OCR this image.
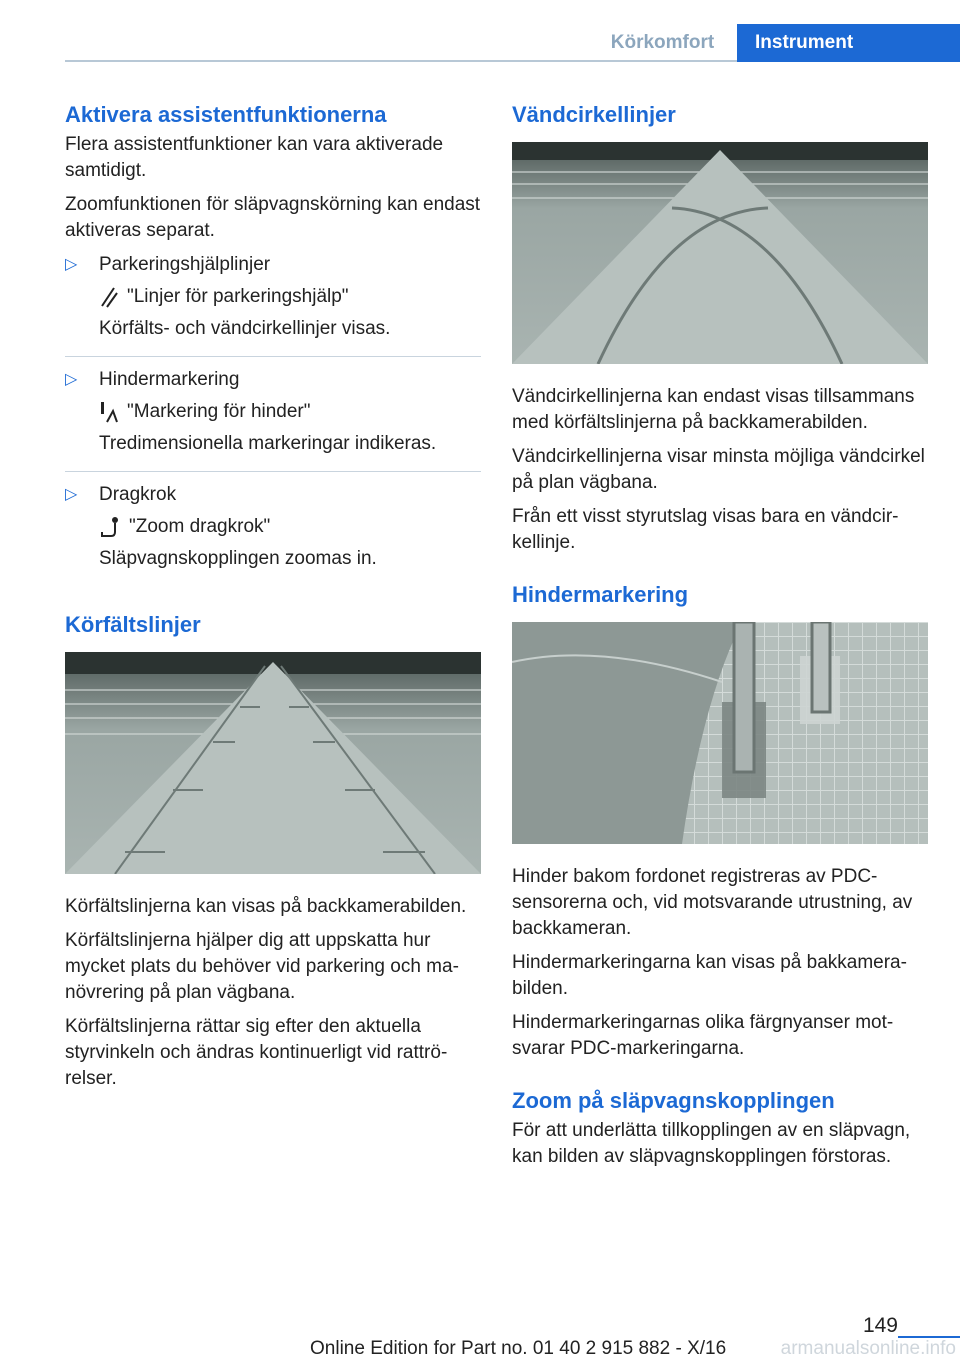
Körkomfort	Instrument
Aktivera assistentfunktionerna

Flera assistentfunktioner kan vara aktiverade samtidigt.

Zoomfunktionen för släpvagnskörning kan endast aktiveras separat.

▷ Parkeringshjälplinjer

"Linjer för parkeringshjälp"

Körfälts- och vändcirkellinjer visas.

▷ Hindermarkering

"Markering för hinder"

Tredimensionella markeringar indikeras.

▷ Dragkrok

"Zoom dragkrok"

Släpvagnskopplingen zoomas in.

Körfältslinjer

Körfältslinjerna kan visas på backkamerabilden.

Körfältslinjerna hjälper dig att uppskatta hur mycket plats du behöver vid parkering och manövrering på plan vägbana.

Körfältslinjerna rättar sig efter den aktuella styrvinkeln och ändras kontinuerligt vid rattrörelser.

Vändcirkellinjer

Vändcirkellinjerna kan endast visas tillsammans med körfältslinjerna på backkamerabilden.

Vändcirkellinjerna visar minsta möjliga vändcirkel på plan vägbana.

Från ett visst styrutslag visas bara en vändcirkellinje.

Hindermarkering

Hinder bakom fordonet registreras av PDC-sensorerna och, vid motsvarande utrustning, av backkameran.

Hindermarkeringarna kan visas på bakkamerabilden.

Hindermarkeringarnas olika färgnyanser motsvarar PDC-markeringarna.

Zoom på släpvagnskopplingen

För att underlätta tillkopplingen av en släpvagn, kan bilden av släpvagnskopplingen förstoras.

149
Online Edition for Part no. 01 40 2 915 882 - X/16	armanualsonline.info
